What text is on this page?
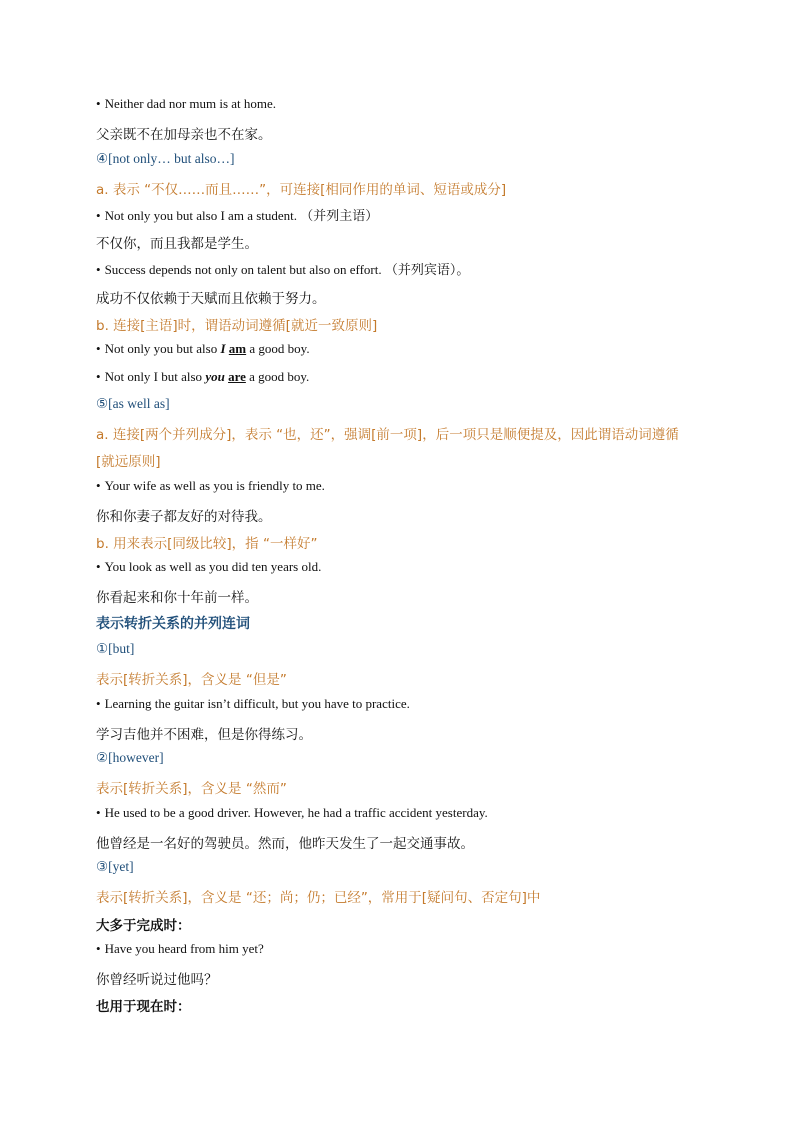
• Neither dad nor mum is at home.
父亲既不在加母亲也不在家。
④[not only… but also…]
a. 表示 “不仅……而且……”，可连接[相同作用的单词、短语或成分]
• Not only you but also I am a student. （并列主语）
不仅你，而且我都是学生。
• Success depends not only on talent but also on effort. （并列宾语）。
成功不仅依赖于天赋而且依赖于努力。
b. 连接[主语]时，谓语动词遵循[就近一致原则]
• Not only you but also I am a good boy.
• Not only I but also you are a good boy.
⑤[as well as]
a. 连接[两个并列成分]，表示 “也，还”，强调[前一项]，后一项只是顺便提及，因此谓语动词遵循
[就远原则]
• Your wife as well as you is friendly to me.
你和你妻子都友好的对待我。
b. 用来表示[同级比较]，指 “一样好”
• You look as well as you did ten years old.
你看起来和你十年前一样。
表示转折关系的并列连词
①[but]
表示[转折关系]，含义是 “但是”
• Learning the guitar isn’t difficult, but you have to practice.
学习吉他并不困难，但是你得练习。
②[however]
表示[转折关系]，含义是 “然而”
• He used to be a good driver. However, he had a traffic accident yesterday.
他曾经是一名好的驾驶员。然而，他昨天发生了一起交通事故。
③[yet]
表示[转折关系]，含义是 “还；尚；仍；已经”，常用于[疑问句、否定句]中
大多于完成时：
• Have you heard from him yet?
你曾经听说过他吗？
也用于现在时：
